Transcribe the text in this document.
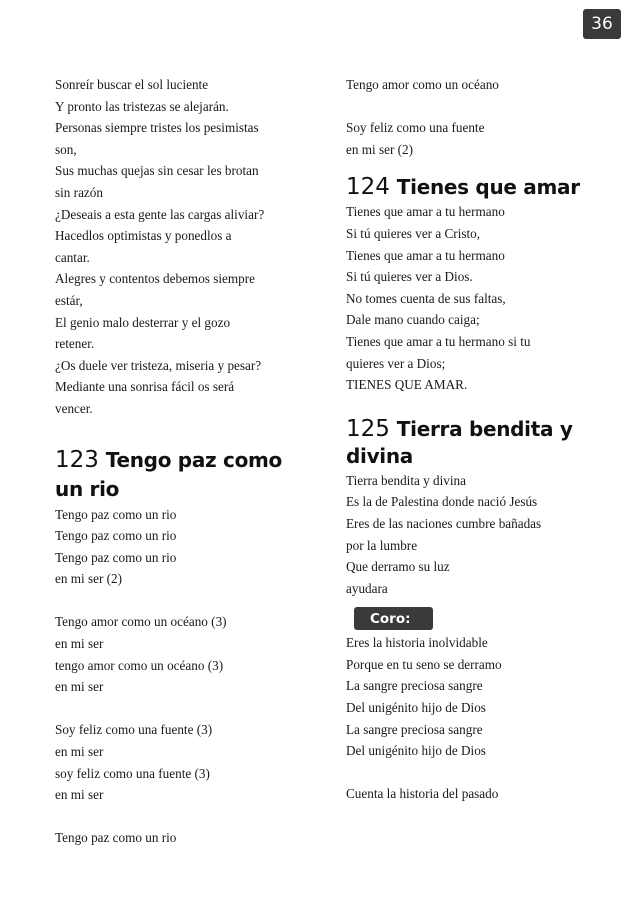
36
Sonreír buscar el sol luciente
Y pronto las tristezas se alejarán.
Personas siempre tristes los pesimistas
son,
Sus muchas quejas sin cesar les brotan
sin razón
¿Deseais a esta gente las cargas aliviar?
Hacedlos optimistas y ponedlos a
cantar.
Alegres y contentos debemos siempre
estár,
El genio malo desterrar y el gozo
retener.
¿Os duele ver tristeza, miseria y pesar?
Mediante una sonrisa fácil os será
vencer.
123 Tengo paz como un rio
Tengo paz como un rio
Tengo paz como un rio
Tengo paz como un rio
en mi ser (2)
Tengo amor como un océano (3)
en mi ser
tengo amor como un océano (3)
en mi ser
Soy feliz como una fuente (3)
en mi ser
soy feliz como una fuente (3)
en mi ser
Tengo paz como un rio
Tengo amor como un océano
Soy feliz como una fuente
en mi ser (2)
124 Tienes que amar
Tienes que amar a tu hermano
Si tú quieres ver a Cristo,
Tienes que amar a tu hermano
Si tú quieres ver a Dios.
No tomes cuenta de sus faltas,
Dale mano cuando caiga;
Tienes que amar a tu hermano si tu
quieres ver a Dios;
TIENES QUE AMAR.
125 Tierra bendita y divina
Tierra bendita y divina
Es la de Palestina donde nació Jesús
Eres de las naciones cumbre bañadas
por la lumbre
Que derramo su luz
ayudara
Coro:
Eres la historia inolvidable
Porque en tu seno se derramo
La sangre preciosa sangre
Del unigénito hijo de Dios
La sangre preciosa sangre
Del unigénito hijo de Dios
Cuenta la historia del pasado
